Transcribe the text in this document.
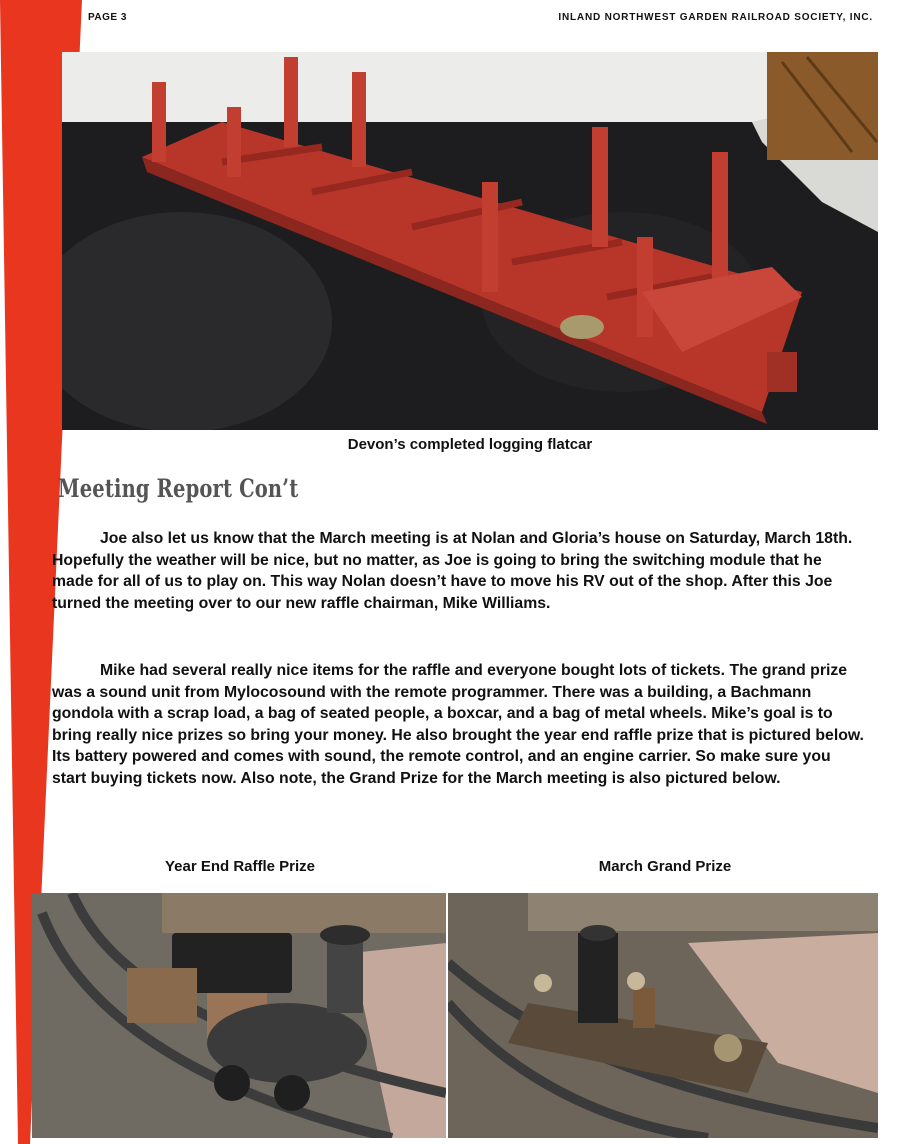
PAGE 3	INLAND NORTHWEST GARDEN RAILROAD SOCIETY, INC.
Devon’s completed logging flatcar
Meeting Report Con’t

Joe also let us know that the March meeting is at Nolan and Gloria’s house on Saturday, March 18th. Hopefully the weather will be nice, but no matter, as Joe is going to bring the switching module that he made for all of us to play on. This way Nolan doesn’t have to move his RV out of the shop. After this Joe turned the meeting over to our new raffle chairman, Mike Williams.

Mike had several really nice items for the raffle and everyone bought lots of tickets. The grand prize was a sound unit from Mylocosound with the remote programmer. There was a building, a Bachmann gondola with a scrap load, a bag of seated people, a boxcar, and a bag of metal wheels. Mike’s goal is to bring really nice prizes so bring your money. He also brought the year end raffle prize that is pictured below. Its battery powered and comes with sound, the remote control, and an engine carrier. So make sure you start buying tickets now. Also note, the Grand Prize for the March meeting is also pictured below.

Year End Raffle Prize	March Grand Prize
